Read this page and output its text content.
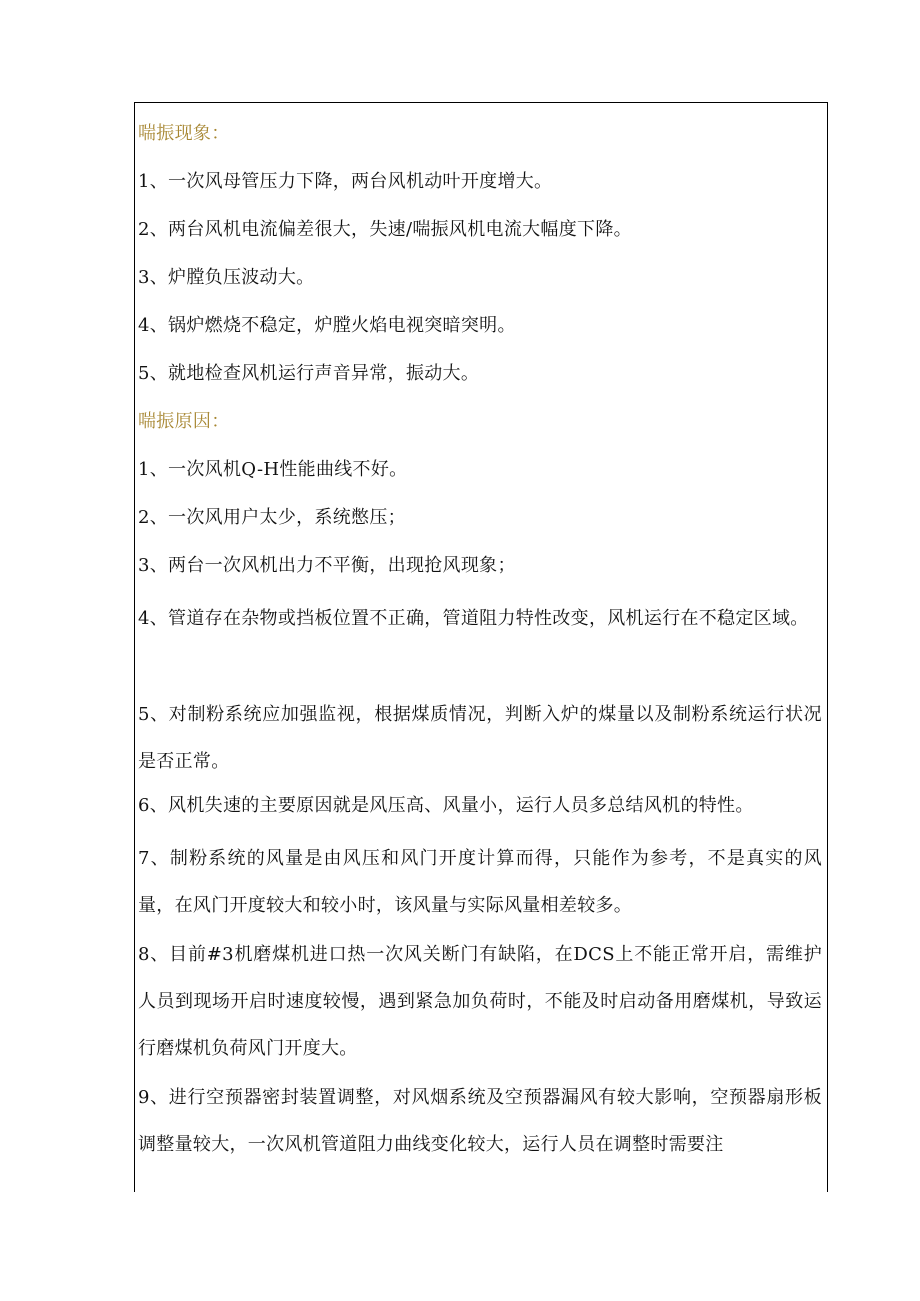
喘振现象：
1、一次风母管压力下降，两台风机动叶开度增大。
2、两台风机电流偏差很大，失速/喘振风机电流大幅度下降。
3、炉膛负压波动大。
4、锅炉燃烧不稳定，炉膛火焰电视突暗突明。
5、就地检查风机运行声音异常，振动大。
喘振原因：
1、一次风机Q-H性能曲线不好。
2、一次风用户太少，系统憋压；
3、两台一次风机出力不平衡，出现抢风现象；
4、管道存在杂物或挡板位置不正确，管道阻力特性改变，风机运行在不稳定区域。
5、对制粉系统应加强监视，根据煤质情况，判断入炉的煤量以及制粉系统运行状况是否正常。
6、风机失速的主要原因就是风压高、风量小，运行人员多总结风机的特性。
7、制粉系统的风量是由风压和风门开度计算而得，只能作为参考，不是真实的风量，在风门开度较大和较小时，该风量与实际风量相差较多。
8、目前#3机磨煤机进口热一次风关断门有缺陷，在DCS上不能正常开启，需维护人员到现场开启时速度较慢，遇到紧急加负荷时，不能及时启动备用磨煤机，导致运行磨煤机负荷风门开度大。
9、进行空预器密封装置调整，对风烟系统及空预器漏风有较大影响，空预器扇形板调整量较大，一次风机管道阻力曲线变化较大，运行人员在调整时需要注
